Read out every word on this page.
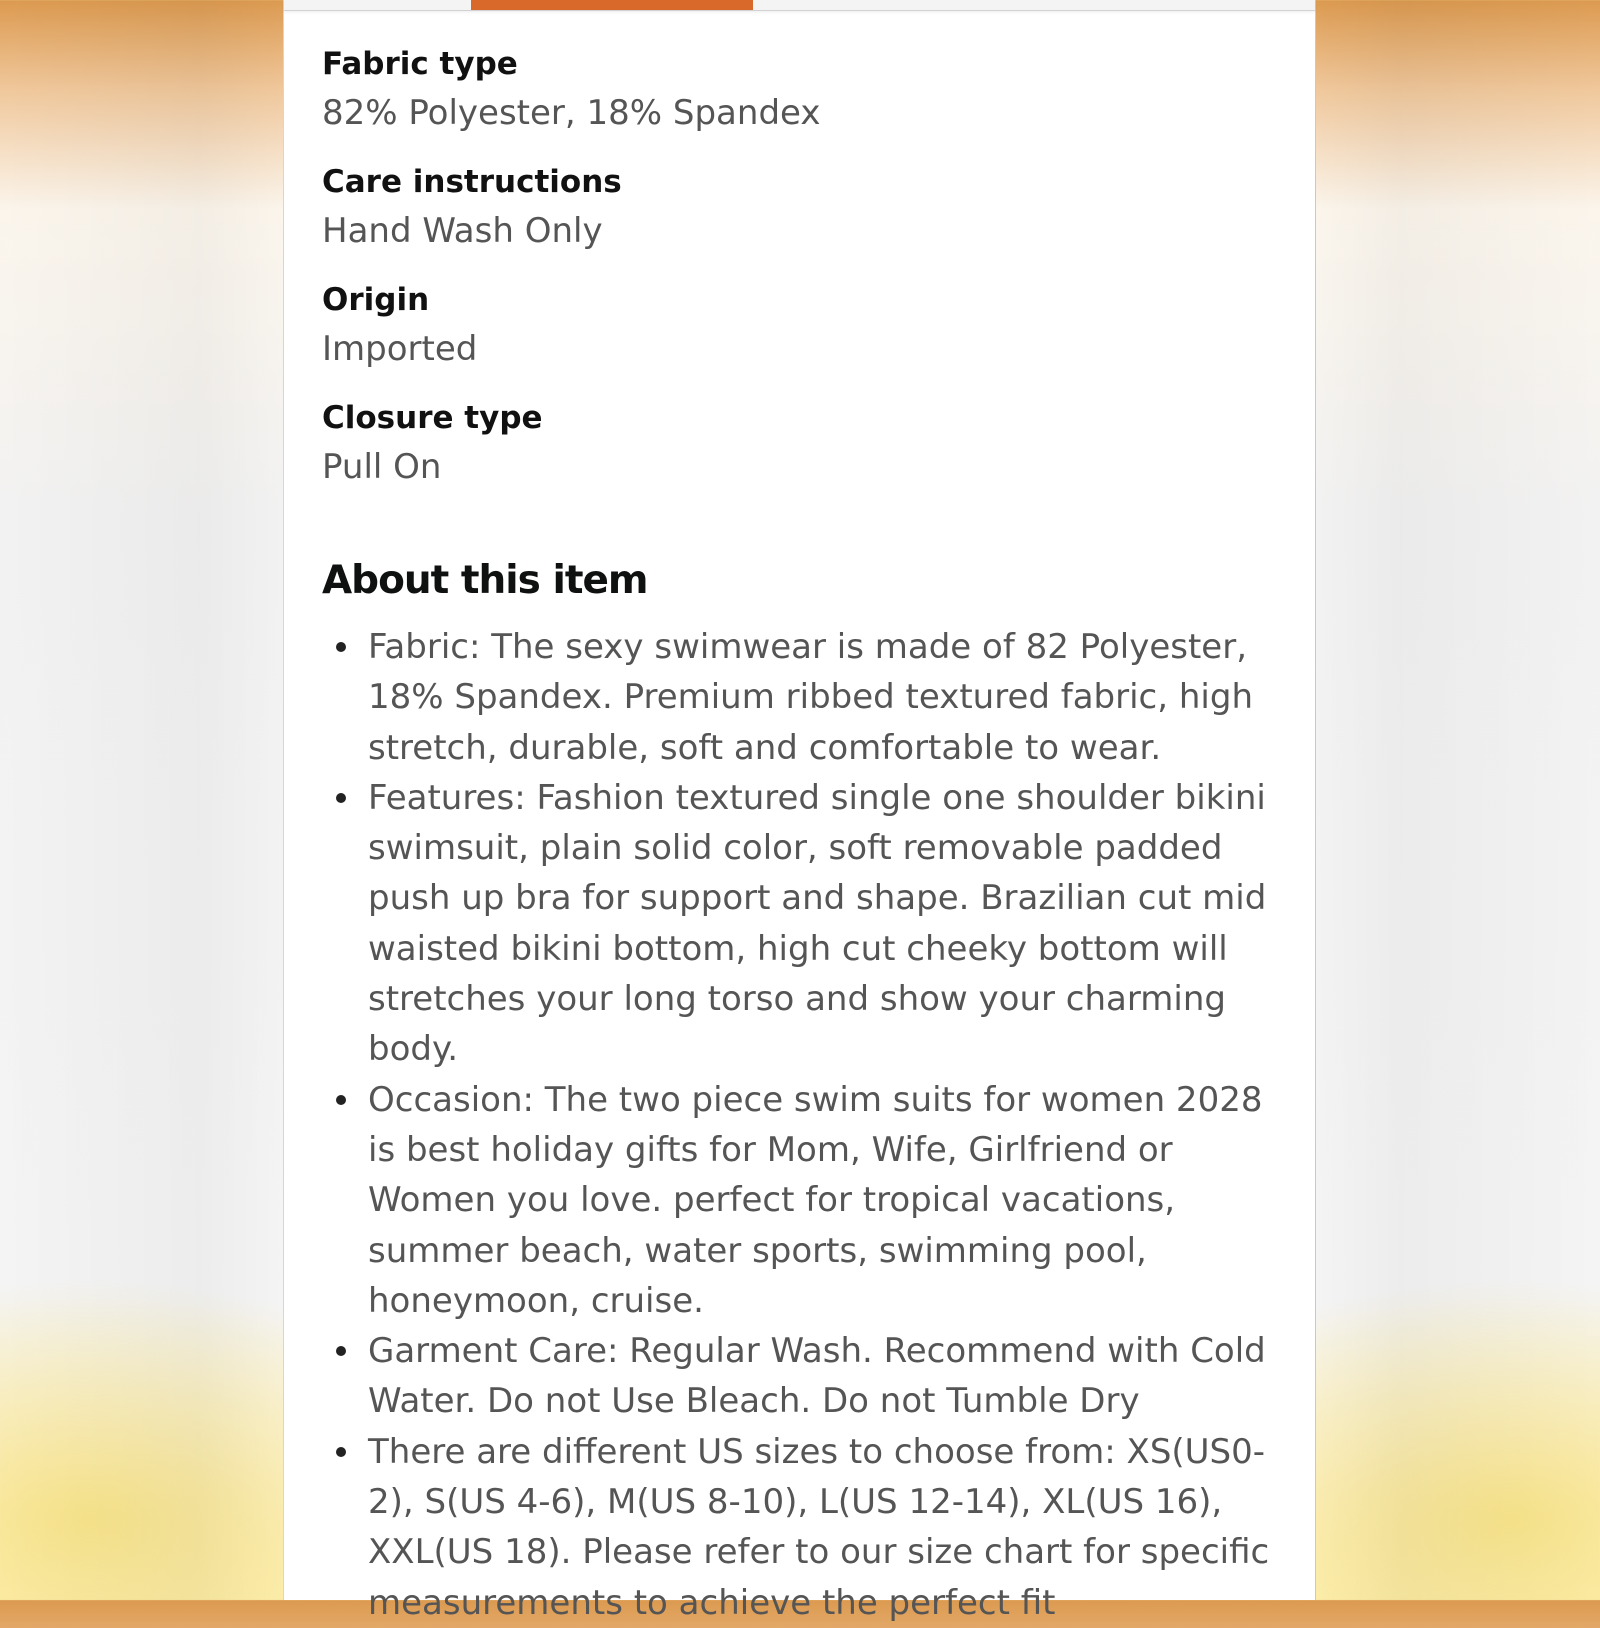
Fabric type
82% Polyester, 18% Spandex
Care instructions
Hand Wash Only
Origin
Imported
Closure type
Pull On
About this item
Fabric: The sexy swimwear is made of 82 Polyester, 18% Spandex. Premium ribbed textured fabric, high stretch, durable, soft and comfortable to wear.
Features: Fashion textured single one shoulder bikini swimsuit, plain solid color, soft removable padded push up bra for support and shape. Brazilian cut mid waisted bikini bottom, high cut cheeky bottom will stretches your long torso and show your charming body.
Occasion: The two piece swim suits for women 2028 is best holiday gifts for Mom, Wife, Girlfriend or Women you love. perfect for tropical vacations, summer beach, water sports, swimming pool, honeymoon, cruise.
Garment Care: Regular Wash. Recommend with Cold Water. Do not Use Bleach. Do not Tumble Dry
There are different US sizes to choose from: XS(US0-2), S(US 4-6), M(US 8-10), L(US 12-14), XL(US 16), XXL(US 18). Please refer to our size chart for specific measurements to achieve the perfect fit
